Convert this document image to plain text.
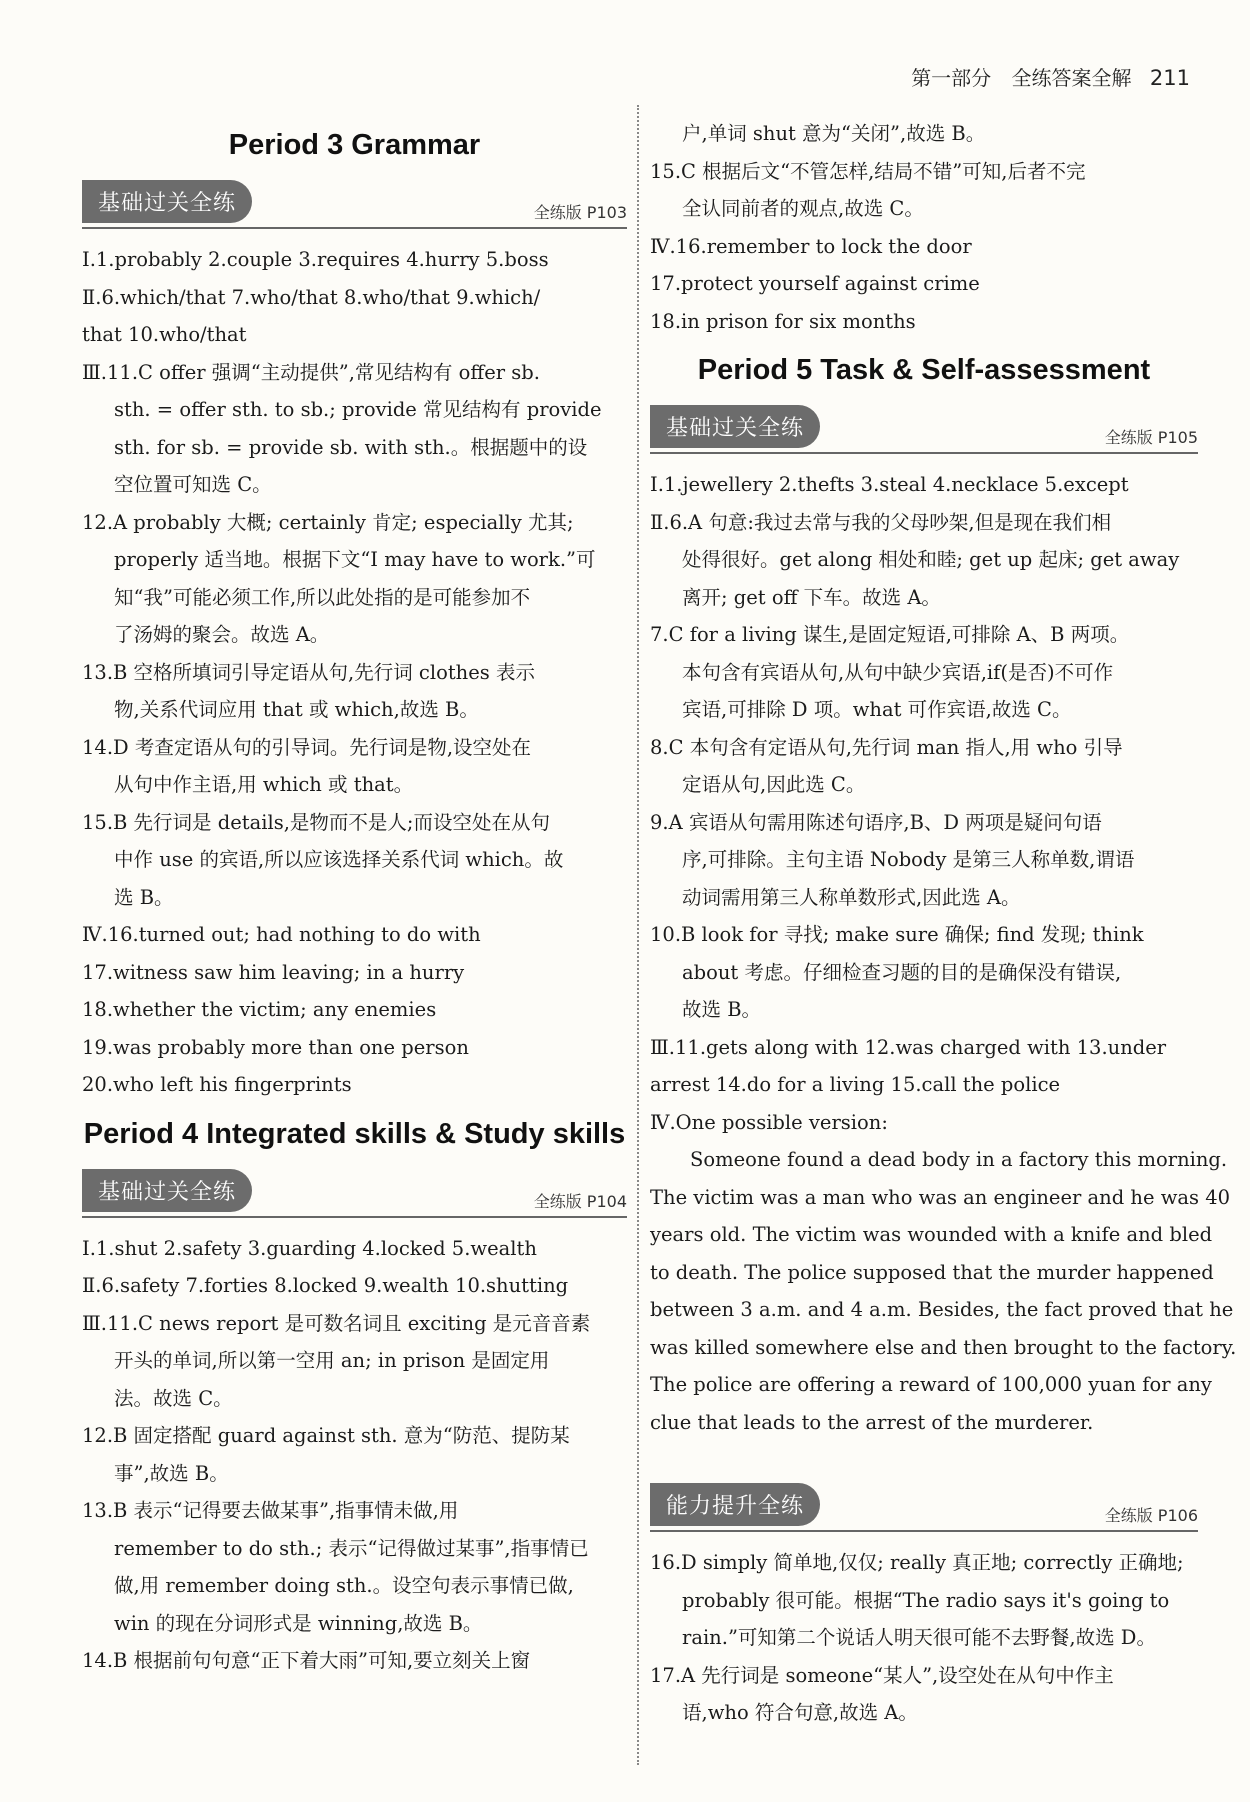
第一部分 全练答案全解 211
Period 3 Grammar
基础过关全练	全练版 P103
Ⅰ.1.probably 2.couple 3.requires 4.hurry 5.boss
Ⅱ.6.which/that 7.who/that 8.who/that 9.which/
that 10.who/that
Ⅲ.11.C offer 强调“主动提供”,常见结构有 offer sb.
sth. = offer sth. to sb.; provide 常见结构有 provide
sth. for sb. = provide sb. with sth.。根据题中的设
空位置可知选 C。
12.A probably 大概; certainly 肯定; especially 尤其;
properly 适当地。根据下文“I may have to work.”可
知“我”可能必须工作,所以此处指的是可能参加不
了汤姆的聚会。故选 A。
13.B 空格所填词引导定语从句,先行词 clothes 表示
物,关系代词应用 that 或 which,故选 B。
14.D 考查定语从句的引导词。先行词是物,设空处在
从句中作主语,用 which 或 that。
15.B 先行词是 details,是物而不是人;而设空处在从句
中作 use 的宾语,所以应该选择关系代词 which。故
选 B。
Ⅳ.16.turned out; had nothing to do with
17.witness saw him leaving; in a hurry
18.whether the victim; any enemies
19.was probably more than one person
20.who left his fingerprints
Period 4 Integrated skills & Study skills
基础过关全练	全练版 P104
Ⅰ.1.shut 2.safety 3.guarding 4.locked 5.wealth
Ⅱ.6.safety 7.forties 8.locked 9.wealth 10.shutting
Ⅲ.11.C news report 是可数名词且 exciting 是元音音素
开头的单词,所以第一空用 an; in prison 是固定用
法。故选 C。
12.B 固定搭配 guard against sth. 意为“防范、提防某
事”,故选 B。
13.B 表示“记得要去做某事”,指事情未做,用
remember to do sth.; 表示“记得做过某事”,指事情已
做,用 remember doing sth.。设空句表示事情已做,
win 的现在分词形式是 winning,故选 B。
14.B 根据前句句意“正下着大雨”可知,要立刻关上窗
户,单词 shut 意为“关闭”,故选 B。
15.C 根据后文“不管怎样,结局不错”可知,后者不完
全认同前者的观点,故选 C。
Ⅳ.16.remember to lock the door
17.protect yourself against crime
18.in prison for six months
Period 5 Task & Self-assessment
基础过关全练	全练版 P105
Ⅰ.1.jewellery 2.thefts 3.steal 4.necklace 5.except
Ⅱ.6.A 句意:我过去常与我的父母吵架,但是现在我们相
处得很好。get along 相处和睦; get up 起床; get away
离开; get off 下车。故选 A。
7.C for a living 谋生,是固定短语,可排除 A、B 两项。
本句含有宾语从句,从句中缺少宾语,if(是否)不可作
宾语,可排除 D 项。what 可作宾语,故选 C。
8.C 本句含有定语从句,先行词 man 指人,用 who 引导
定语从句,因此选 C。
9.A 宾语从句需用陈述句语序,B、D 两项是疑问句语
序,可排除。主句主语 Nobody 是第三人称单数,谓语
动词需用第三人称单数形式,因此选 A。
10.B look for 寻找; make sure 确保; find 发现; think
about 考虑。仔细检查习题的目的是确保没有错误,
故选 B。
Ⅲ.11.gets along with 12.was charged with 13.under
arrest 14.do for a living 15.call the police
Ⅳ.One possible version:
Someone found a dead body in a factory this morning.
The victim was a man who was an engineer and he was 40
years old. The victim was wounded with a knife and bled
to death. The police supposed that the murder happened
between 3 a.m. and 4 a.m. Besides, the fact proved that he
was killed somewhere else and then brought to the factory.
The police are offering a reward of 100,000 yuan for any
clue that leads to the arrest of the murderer.
能力提升全练	全练版 P106
16.D simply 简单地,仅仅; really 真正地; correctly 正确地;
probably 很可能。根据“The radio says it's going to
rain.”可知第二个说话人明天很可能不去野餐,故选 D。
17.A 先行词是 someone“某人”,设空处在从句中作主
语,who 符合句意,故选 A。
